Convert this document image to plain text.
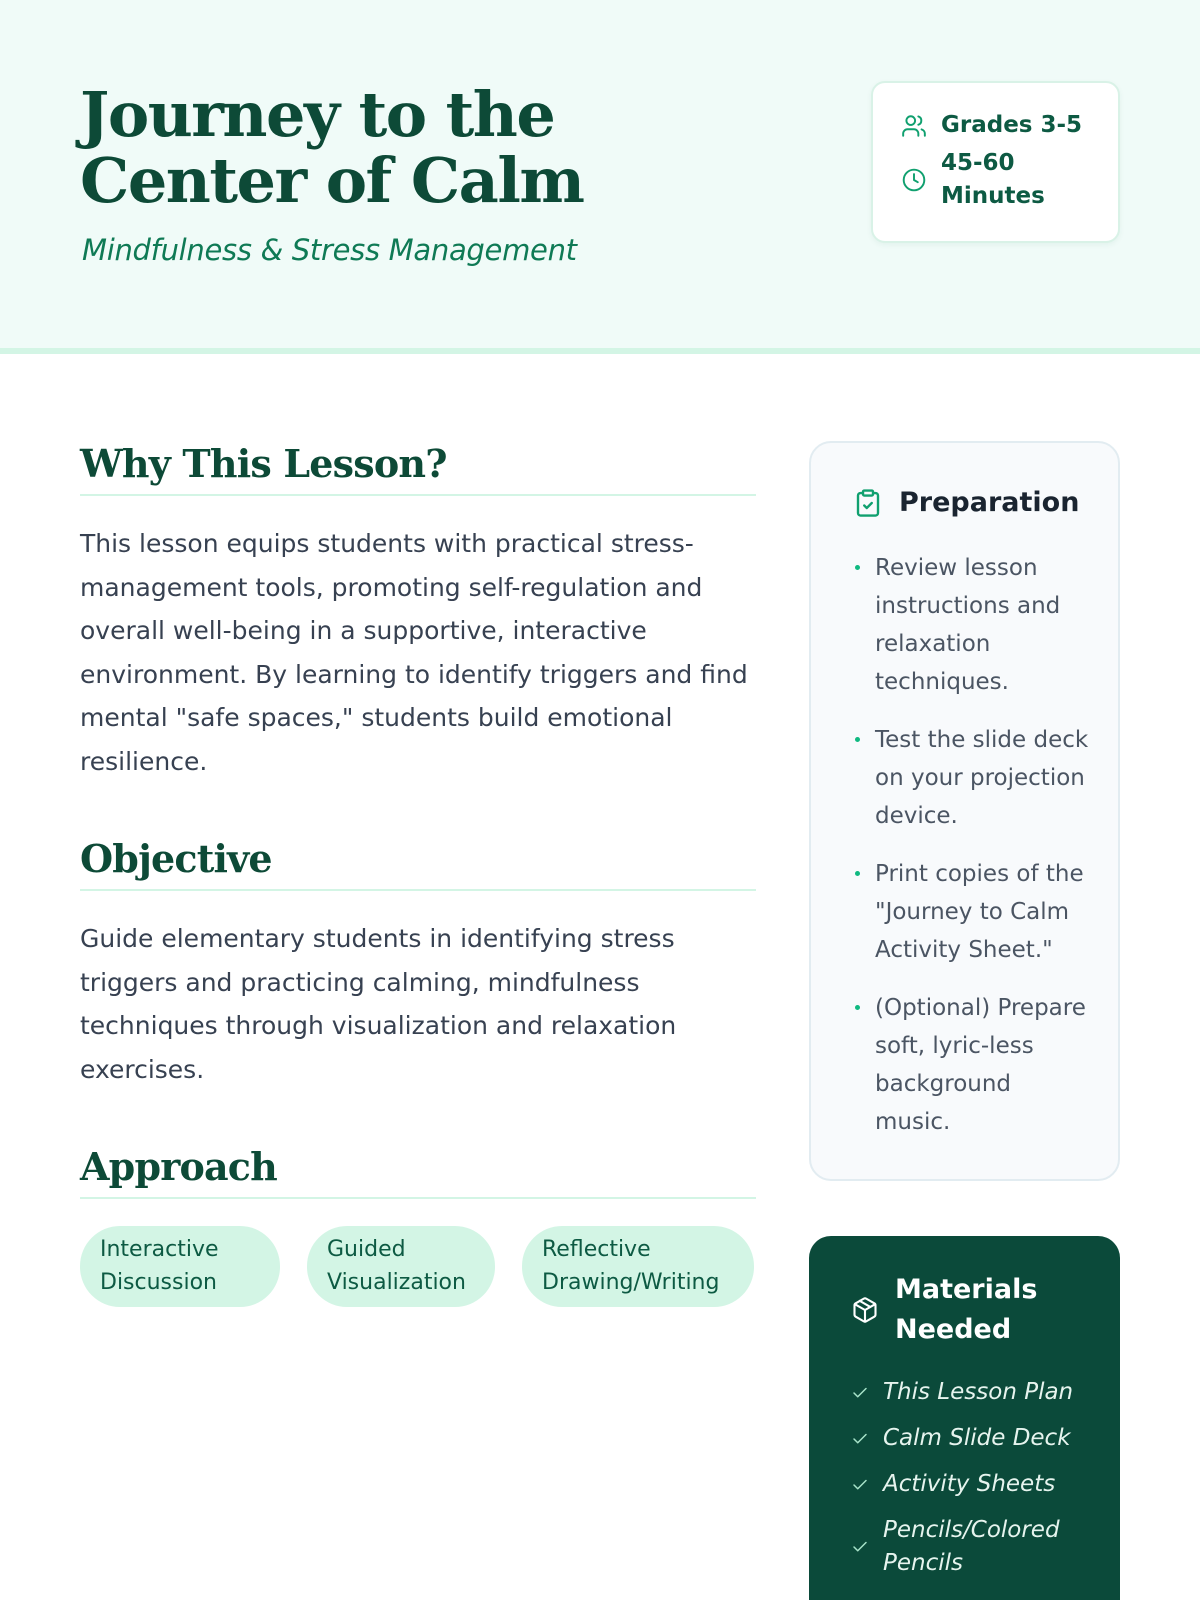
Journey to the Center of Calm
Mindfulness & Stress Management
Grades 3-5
45-60 Minutes
Why This Lesson?

This lesson equips students with practical stress-management tools, promoting self-regulation and overall well-being in a supportive, interactive environment. By learning to identify triggers and find mental "safe spaces," students build emotional resilience.

Objective

Guide elementary students in identifying stress triggers and practicing calming, mindfulness techniques through visualization and relaxation exercises.

Approach
Interactive Discussion
Guided Visualization
Reflective Drawing/Writing
Preparation
Review lesson instructions and relaxation techniques.
Test the slide deck on your projection device.
Print copies of the "Journey to Calm Activity Sheet."
(Optional) Prepare soft, lyric-less background music.
Materials Needed
This Lesson Plan
Calm Slide Deck
Activity Sheets
Pencils/Colored Pencils
